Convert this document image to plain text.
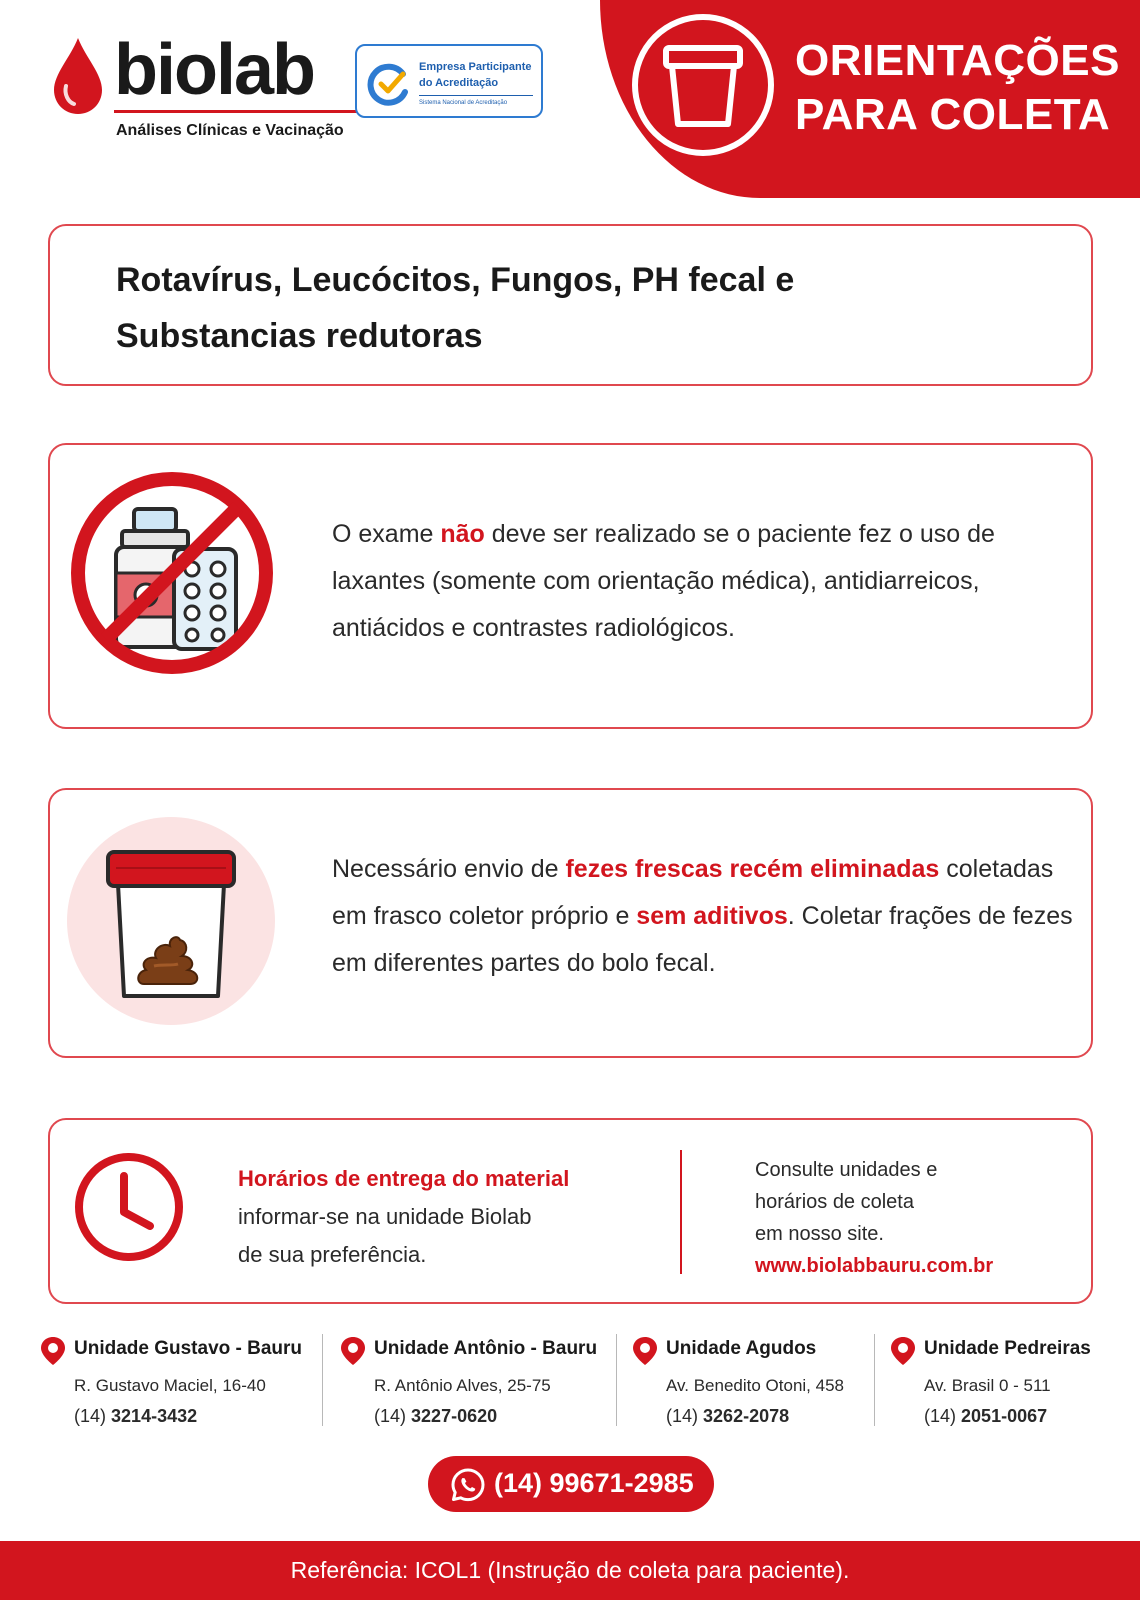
biolab
Análises Clínicas e Vacinação
Empresa Participante
do Acreditação
Sistema Nacional de Acreditação
ORIENTAÇÕES
PARA COLETA
Rotavírus, Leucócitos, Fungos, PH fecal e Substancias redutoras
O exame não deve ser realizado se o paciente fez o uso de laxantes (somente com orientação médica), antidiarreicos, antiácidos e contrastes radiológicos.
Necessário envio de fezes frescas recém eliminadas coletadas em frasco coletor próprio e sem aditivos. Coletar frações de fezes em diferentes partes do bolo fecal.
Horários de entrega do material
informar-se na unidade Biolab
de sua preferência.
Consulte unidades e
horários de coleta
em nosso site.
www.biolabbauru.com.br
Unidade Gustavo - Bauru
R. Gustavo Maciel, 16-40
(14) 3214-3432
Unidade Antônio - Bauru
R. Antônio Alves, 25-75
(14) 3227-0620
Unidade Agudos
Av. Benedito Otoni, 458
(14) 3262-2078
Unidade Pedreiras
Av. Brasil 0 - 511
(14) 2051-0067
(14) 99671-2985
Referência: ICOL1 (Instrução de coleta para paciente).
